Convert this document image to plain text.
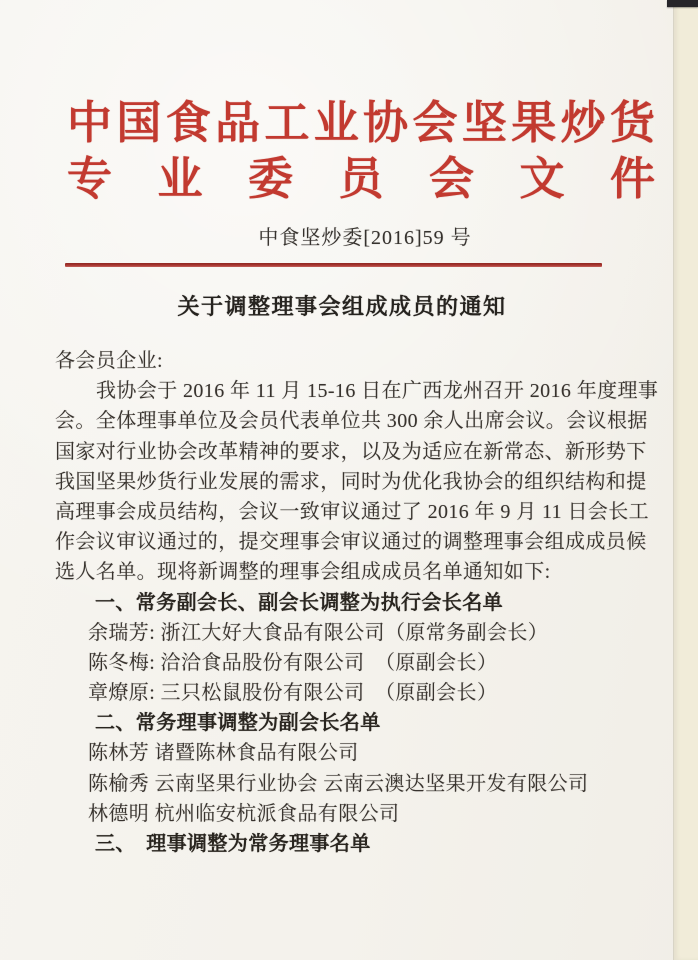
中国食品工业协会坚果炒货
专业委员会文件
中食坚炒委[2016]59 号
关于调整理事会组成成员的通知
各会员企业:
我协会于 2016 年 11 月 15-16 日在广西龙州召开 2016 年度理事
会。全体理事单位及会员代表单位共 300 余人出席会议。会议根据
国家对行业协会改革精神的要求，以及为适应在新常态、新形势下
我国坚果炒货行业发展的需求，同时为优化我协会的组织结构和提
高理事会成员结构，会议一致审议通过了 2016 年 9 月 11 日会长工
作会议审议通过的，提交理事会审议通过的调整理事会组成成员候
选人名单。现将新调整的理事会组成成员名单通知如下:
一、常务副会长、副会长调整为执行会长名单
余瑞芳: 浙江大好大食品有限公司（原常务副会长）
陈冬梅: 洽洽食品股份有限公司　（原副会长）
章燎原: 三只松鼠股份有限公司　（原副会长）
二、常务理事调整为副会长名单
陈林芳 诸暨陈林食品有限公司
陈榆秀 云南坚果行业协会 云南云澳达坚果开发有限公司
林德明 杭州临安杭派食品有限公司
三、　理事调整为常务理事名单
